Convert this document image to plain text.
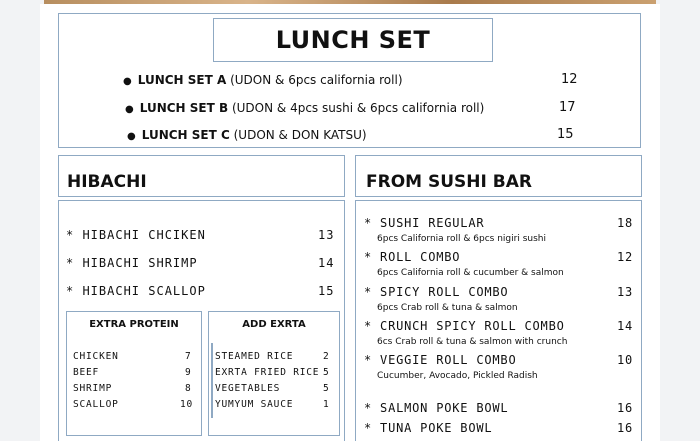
LUNCH SET
● LUNCH SET A (UDON & 6pcs california roll)	12
● LUNCH SET B (UDON & 4pcs sushi & 6pcs california roll)	17
● LUNCH SET C (UDON & DON KATSU)	15
HIBACHI
* HIBACHI CHCIKEN	13
* HIBACHI SHRIMP	14
* HIBACHI SCALLOP	15
EXTRA PROTEIN
CHICKEN	7
BEEF	9
SHRIMP	8
SCALLOP	10
ADD EXRTA
STEAMED RICE	2
EXRTA FRIED RICE 5
VEGETABLES	5
YUMYUM SAUCE	1
FROM SUSHI BAR
* SUSHI REGULAR	18
6pcs California roll & 6pcs nigiri sushi
* ROLL COMBO	12
6pcs California roll & cucumber & salmon
* SPICY ROLL COMBO	13
6pcs Crab roll & tuna & salmon
* CRUNCH SPICY ROLL COMBO	14
6cs Crab roll & tuna & salmon with crunch
* VEGGIE ROLL COMBO	10
Cucumber, Avocado, Pickled Radish
* SALMON POKE BOWL	16
* TUNA POKE BOWL	16
